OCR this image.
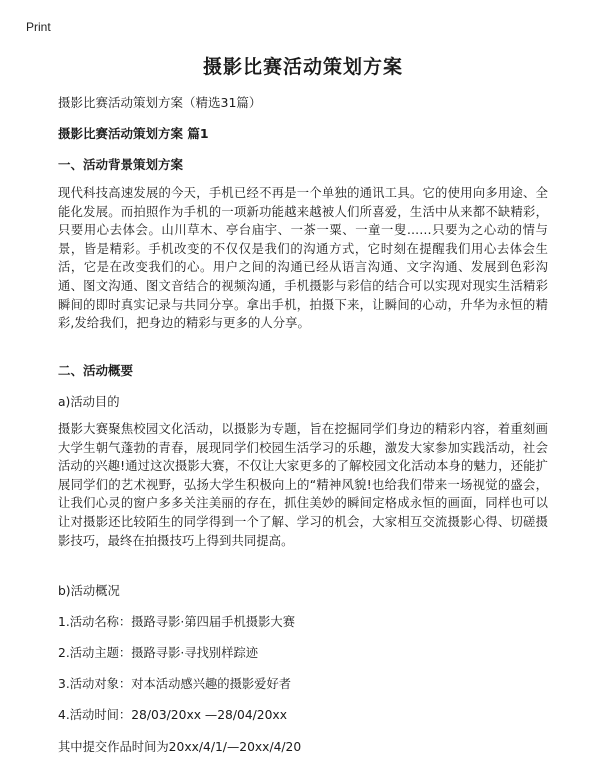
Print
摄影比赛活动策划方案
摄影比赛活动策划方案（精选31篇）
摄影比赛活动策划方案 篇1
一、活动背景策划方案

现代科技高速发展的今天，手机已经不再是一个单独的通讯工具。它的使用向多用途、全能化发展。而拍照作为手机的一项新功能越来越被人们所喜爱，生活中从来都不缺精彩，只要用心去体会。山川草木、亭台庙宇、一茶一粟、一童一叟……只要为之心动的情与景，皆是精彩。手机改变的不仅仅是我们的沟通方式，它时刻在提醒我们用心去体会生活，它是在改变我们的心。用户之间的沟通已经从语言沟通、文字沟通、发展到色彩沟通、图文沟通、图文音结合的视频沟通，手机摄影与彩信的结合可以实现对现实生活精彩瞬间的即时真实记录与共同分享。拿出手机，拍摄下来，让瞬间的心动，升华为永恒的精彩,发给我们，把身边的精彩与更多的人分享。

二、活动概要
a)活动目的

摄影大赛聚焦校园文化活动，以摄影为专题，旨在挖掘同学们身边的精彩内容，着重刻画大学生朝气蓬勃的青春，展现同学们校园生活学习的乐趣，激发大家参加实践活动，社会活动的兴趣!通过这次摄影大赛，不仅让大家更多的了解校园文化活动本身的魅力，还能扩展同学们的艺术视野，弘扬大学生积极向上的“精神风貌!也给我们带来一场视觉的盛会，让我们心灵的窗户多多关注美丽的存在，抓住美妙的瞬间定格成永恒的画面，同样也可以让对摄影还比较陌生的同学得到一个了解、学习的机会，大家相互交流摄影心得、切磋摄影技巧，最终在拍摄技巧上得到共同提高。

b)活动概况
1.活动名称：摄路寻影·第四届手机摄影大赛
2.活动主题：摄路寻影·寻找别样踪迹
3.活动对象：对本活动感兴趣的摄影爱好者
4.活动时间：28/03/20xx —28/04/20xx
其中提交作品时间为20xx/4/1/—20xx/4/20
